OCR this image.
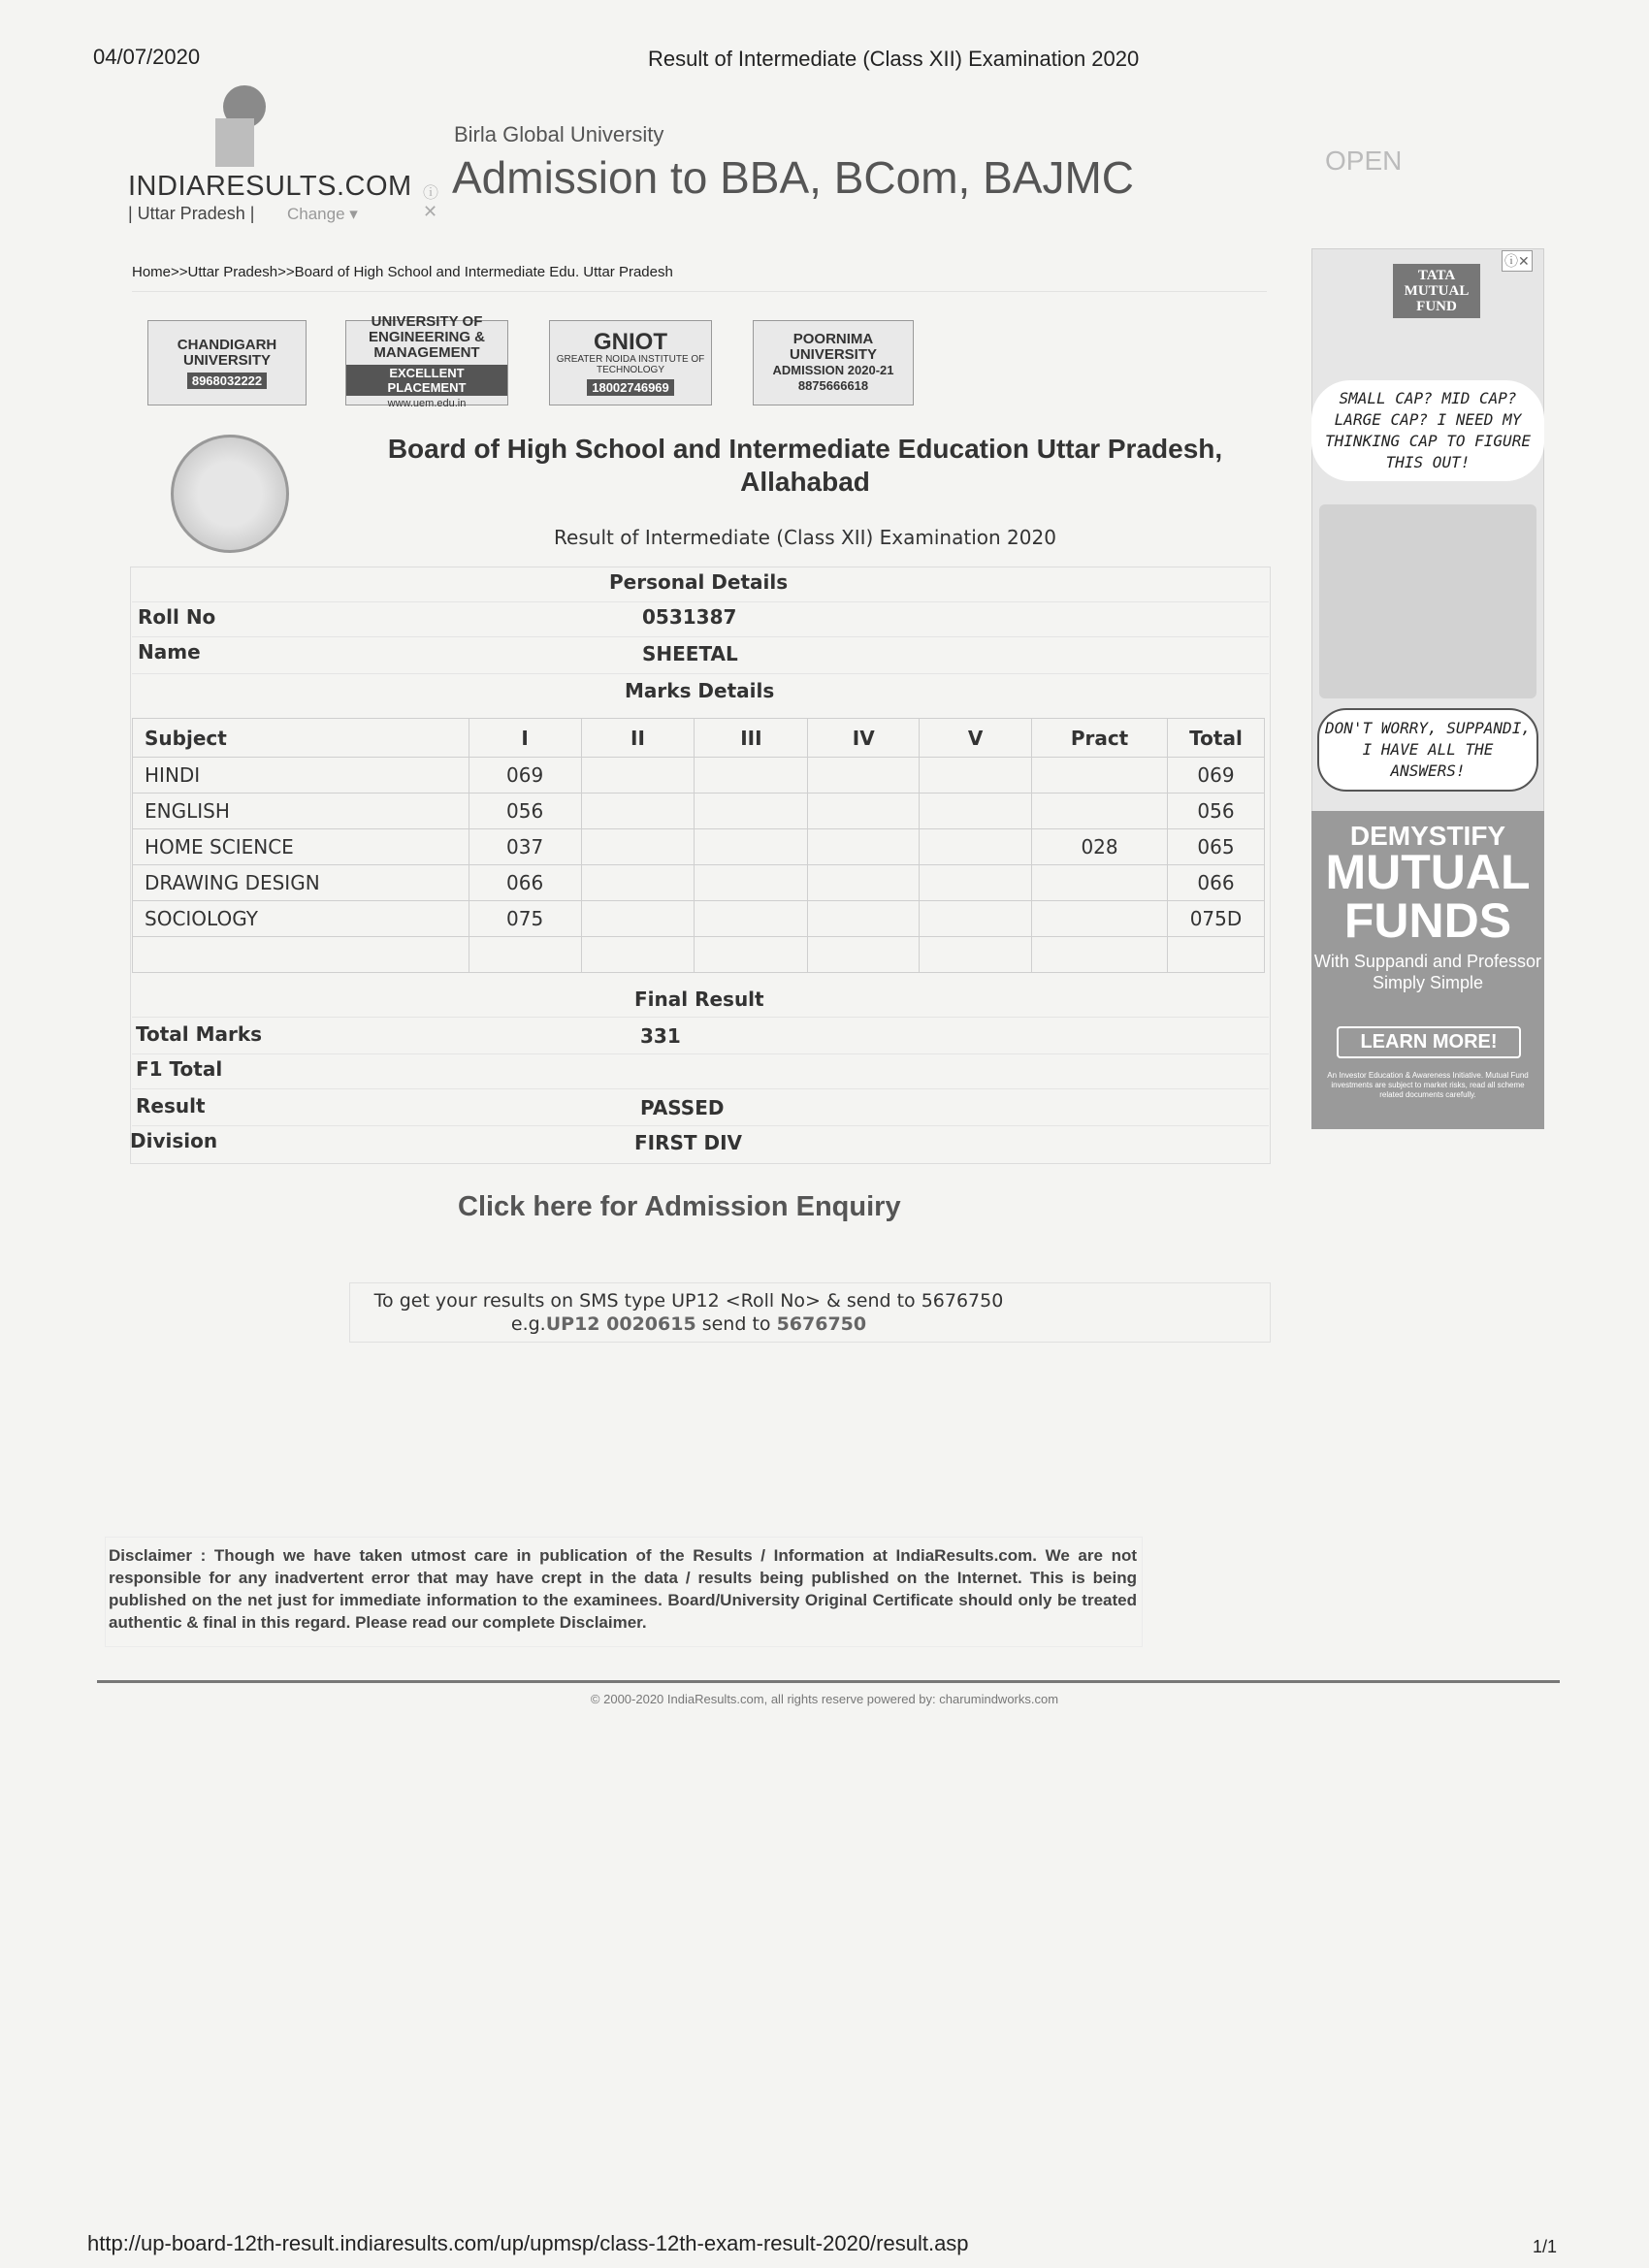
04/07/2020	Result of Intermediate (Class XII) Examination 2020
INDIARESULTS.COM
| Uttar Pradesh | Change ▾
ⓘ
✕
Birla Global University
Admission to BBA, BCom, BAJMC	OPEN
Home>>Uttar Pradesh>>Board of High School and Intermediate Edu. Uttar Pradesh
CHANDIGARH UNIVERSITY
8968032222
UNIVERSITY OF ENGINEERING & MANAGEMENT
EXCELLENT PLACEMENT
www.uem.edu.in
GNIOT
GREATER NOIDA INSTITUTE OF TECHNOLOGY
18002746969
POORNIMA UNIVERSITY
ADMISSION 2020-21
8875666618
Board of High School and Intermediate Education Uttar Pradesh,
Allahabad
Result of Intermediate (Class XII) Examination 2020
Personal Details
Roll No	0531387
Name	SHEETAL
Marks Details
Subject	I	II	III	IV	V	Pract	Total
HINDI	069						069
ENGLISH	056						056
HOME SCIENCE	037					028	065
DRAWING DESIGN	066						066
SOCIOLOGY	075						075D

Final Result
Total Marks	331
F1 Total
Result	PASSED
Division	FIRST DIV
Click here for Admission Enquiry
To get your results on SMS type UP12 <Roll No> & send to 5676750
e.g.UP12 0020615 send to 5676750
Disclaimer : Though we have taken utmost care in publication of the Results / Information at IndiaResults.com. We are not responsible for any inadvertent error that may have crept in the data / results being published on the Internet. This is being published on the net just for immediate information to the examinees. Board/University Original Certificate should only be treated authentic & final in this regard. Please read our complete Disclaimer.
© 2000-2020 IndiaResults.com, all rights reserve powered by: charumindworks.com
ⓘ✕
TATA MUTUAL FUND
SMALL CAP? MID CAP? LARGE CAP? I NEED MY THINKING CAP TO FIGURE THIS OUT!
DON'T WORRY, SUPPANDI, I HAVE ALL THE ANSWERS!
DEMYSTIFY
MUTUAL FUNDS
With Suppandi and Professor Simply Simple
LEARN MORE!
An Investor Education & Awareness Initiative. Mutual Fund investments are subject to market risks, read all scheme related documents carefully.
http://up-board-12th-result.indiaresults.com/up/upmsp/class-12th-exam-result-2020/result.asp	1/1
